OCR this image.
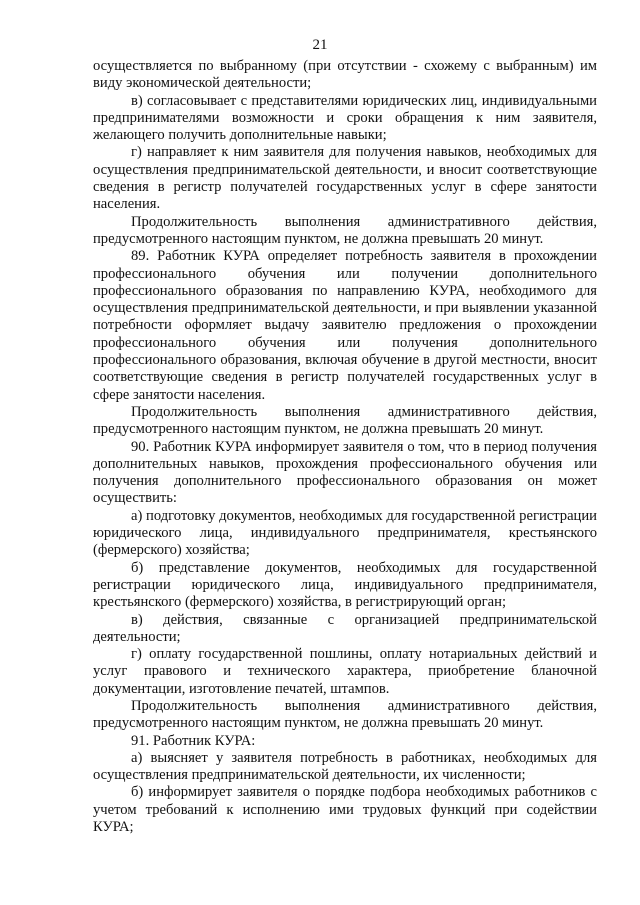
21

осуществляется по выбранному (при отсутствии - схожему с выбранным) им виду экономической деятельности;

в) согласовывает с представителями юридических лиц, индивидуальными предпринимателями возможности и сроки обращения к ним заявителя, желающего получить дополнительные навыки;

г) направляет к ним заявителя для получения навыков, необходимых для осуществления предпринимательской деятельности, и вносит соответствующие сведения в регистр получателей государственных услуг в сфере занятости населения.

Продолжительность выполнения административного действия, предусмотренного настоящим пунктом, не должна превышать 20 минут.

89. Работник КУРА определяет потребность заявителя в прохождении профессионального обучения или получении дополнительного профессионального образования по направлению КУРА, необходимого для осуществления предпринимательской деятельности, и при выявлении указанной потребности оформляет выдачу заявителю предложения о прохождении профессионального обучения или получения дополнительного профессионального образования, включая обучение в другой местности, вносит соответствующие сведения в регистр получателей государственных услуг в сфере занятости населения.

Продолжительность выполнения административного действия, предусмотренного настоящим пунктом, не должна превышать 20 минут.

90. Работник КУРА информирует заявителя о том, что в период получения дополнительных навыков, прохождения профессионального обучения или получения дополнительного профессионального образования он может осуществить:

а) подготовку документов, необходимых для государственной регистрации юридического лица, индивидуального предпринимателя, крестьянского (фермерского) хозяйства;

б) представление документов, необходимых для государственной регистрации юридического лица, индивидуального предпринимателя, крестьянского (фермерского) хозяйства, в регистрирующий орган;

в) действия, связанные с организацией предпринимательской деятельности;

г) оплату государственной пошлины, оплату нотариальных действий и услуг правового и технического характера, приобретение бланочной документации, изготовление печатей, штампов.

Продолжительность выполнения административного действия, предусмотренного настоящим пунктом, не должна превышать 20 минут.

91. Работник КУРА:

а) выясняет у заявителя потребность в работниках, необходимых для осуществления предпринимательской деятельности, их численности;

б) информирует заявителя о порядке подбора необходимых работников с учетом требований к исполнению ими трудовых функций при содействии КУРА;
